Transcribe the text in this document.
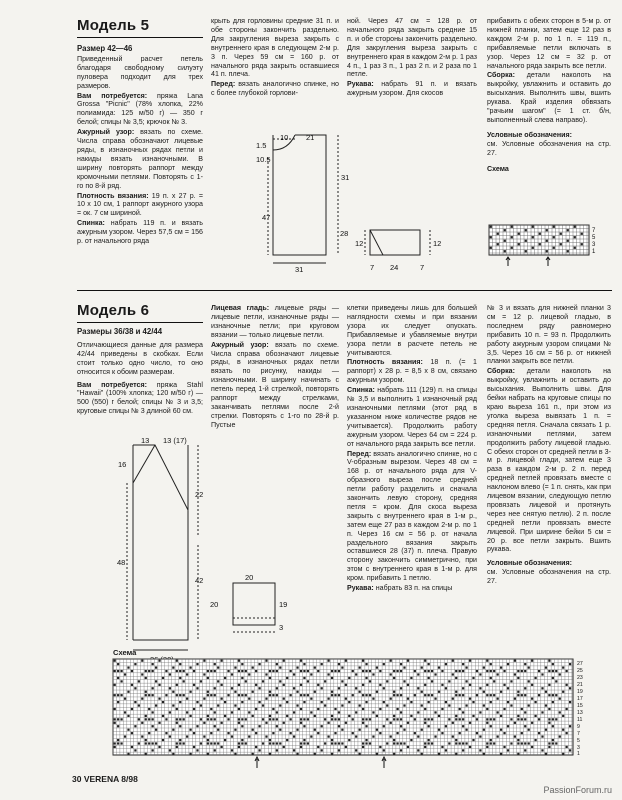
Модель 5

Размер 42—46

Приведенный расчет петель благодаря свободному силуэту пуловера подходит для трех размеров.

Вам потребуется: пряжа Lana Grossa "Picnic" (78% хлопка, 22% полиамида: 125 м/50 г) — 350 г белой; спицы № 3,5; крючок № 3.

Ажурный узор: вязать по схеме. Числа справа обозначают лицевые ряды, в изнаночных рядах петли и накиды вязать изнаночными. В ширину повторять раппорт между кромочными петлями. Повторять с 1-го по 8-й ряд.

Плотность вязания: 19 п. х 27 р. = 10 х 10 см, 1 раппорт ажурного узора = ок. 7 см шириной.

Спинка: набрать 119 п. и вязать ажурным узором. Через 57,5 см = 156 р. от начального ряда

крыть для горловины средние 31 п. и обе стороны закончить раздельно. Для закругления выреза закрыть с внутреннего края в следующем 2-м р. 3 п. Через 59 см = 160 р. от начального ряда закрыть оставшиеся 41 п. плеча.

Перед: вязать аналогично спинке, но с более глубокой горлови-

ной. Через 47 см = 128 р. от начального ряда закрыть средние 15 п. и обе стороны закончить раздельно. Для закругления выреза закрыть с внутреннего края в каждом 2-м р. 1 раз 4 п., 1 раз 3 п., 1 раз 2 п. и 2 раза по 1 петле.

Рукава: набрать 91 п. и вязать ажурным узором. Для скосов

прибавить с обеих сторон в 5-м р. от нижней планки, затем еще 12 раз в каждом 2-м р. по 1 п. = 119 п., прибавляемые петли включать в узор. Через 12 см = 32 р. от начального ряда закрыть все петли.

Сборка: детали наколоть на выкройку, увлажнить и оставить до высыхания. Выполнить швы, вшить рукава. Край изделия обвязать "рачьим шагом" (= 1 ст. б/н, выполненный слева направо).

Условные обозначения:
см. Условные обозначения на стр. 27.

Схема

10 21
1.5
10.5
31
47
31
28
12	12
7 24	7
7
5
3
1
Модель 6

Размеры 36/38 и 42/44

Отличающиеся данные для размера 42/44 приведены в скобках. Если стоит только одно число, то оно относится к обоим размерам.

Вам потребуется: пряжа Stahl "Hawaii" (100% хлопка; 120 м/50 г) — 500 (550) г белой; спицы № 3 и 3,5; круговые спицы № 3 длиной 60 см.

Лицевая гладь: лицевые ряды — лицевые петли, изнаночные ряды — изнаночные петли; при круговом вязании — только лицевые петли.

Ажурный узор: вязать по схеме. Числа справа обозначают лицевые ряды, в изнаночных рядах петли вязать по рисунку, накиды — изнаночными. В ширину начинать с петель перед 1-й стрелкой, повторять раппорт между стрелками, заканчивать петлями после 2-й стрелки. Повторять с 1-го по 28-й р. Пустые

клетки приведены лишь для большей наглядности схемы и при вязании узора их следует опускать. Прибавляемые и убавляемые внутри узора петли в расчете петель не учитываются.

Плотность вязания: 18 п. (= 1 раппорт) х 28 р. = 8,5 х 8 см, связано ажурным узором.

Спинка: набрать 111 (129) п. на спицы № 3,5 и выполнить 1 изнаночный ряд изнаночными петлями (этот ряд в указанном ниже количестве рядов не учитывается). Продолжить работу ажурным узором. Через 64 см = 224 р. от начального ряда закрыть все петли.

Перед: вязать аналогично спинке, но с V-образным вырезом. Через 48 см = 168 р. от начального ряда для V-образного выреза после средней петли работу разделить и сначала закончить левую сторону, средняя петля = кром. Для скоса выреза закрыть с внутреннего края в 1-м р., затем еще 27 раз в каждом 2-м р. по 1 п. Через 16 см = 56 р. от начала раздельного вязания закрыть оставшиеся 28 (37) п. плеча. Правую сторону закончить симметрично, при этом с внутреннего края в 1-м р. для кром. прибавить 1 петлю.

Рукава: набрать 83 п. на спицы

№ 3 и вязать для нижней планки 3 см = 12 р. лицевой гладью, в последнем ряду равномерно прибавить 10 п. = 93 п. Продолжить работу ажурным узором спицами № 3,5. Через 16 см = 56 р. от нижней планки закрыть все петли.

Сборка: детали наколоть на выкройку, увлажнить и оставить до высыхания. Выполнить швы. Для бейки набрать на круговые спицы по краю выреза 161 п., при этом из уголка выреза вывязать 1 п. = средняя петля. Сначала связать 1 р. изнаночными петлями, затем продолжить работу лицевой гладью. С обеих сторон от средней петли в 3-м р. лицевой глади, затем еще 3 раза в каждом 2-м р. 2 п. перед средней петлей провязать вместе с наклоном влево (= 1 п. снять, как при лицевом вязании, следующую петлю провязать лицевой и протянуть через нее снятую петлю). 2 п. после средней петли провязать вместе лицевой. При ширине бейки 5 см = 20 р. все петли закрыть. Вшить рукава.

Условные обозначения:
см. Условные обозначения на стр. 27.

13 13 (17)
16
22
48
42
20
20
19
3
Схема
27
25
23
21
19
17
15
13
11
9
7
5
3
1
30 VERENA 8/98
PassionForum.ru
